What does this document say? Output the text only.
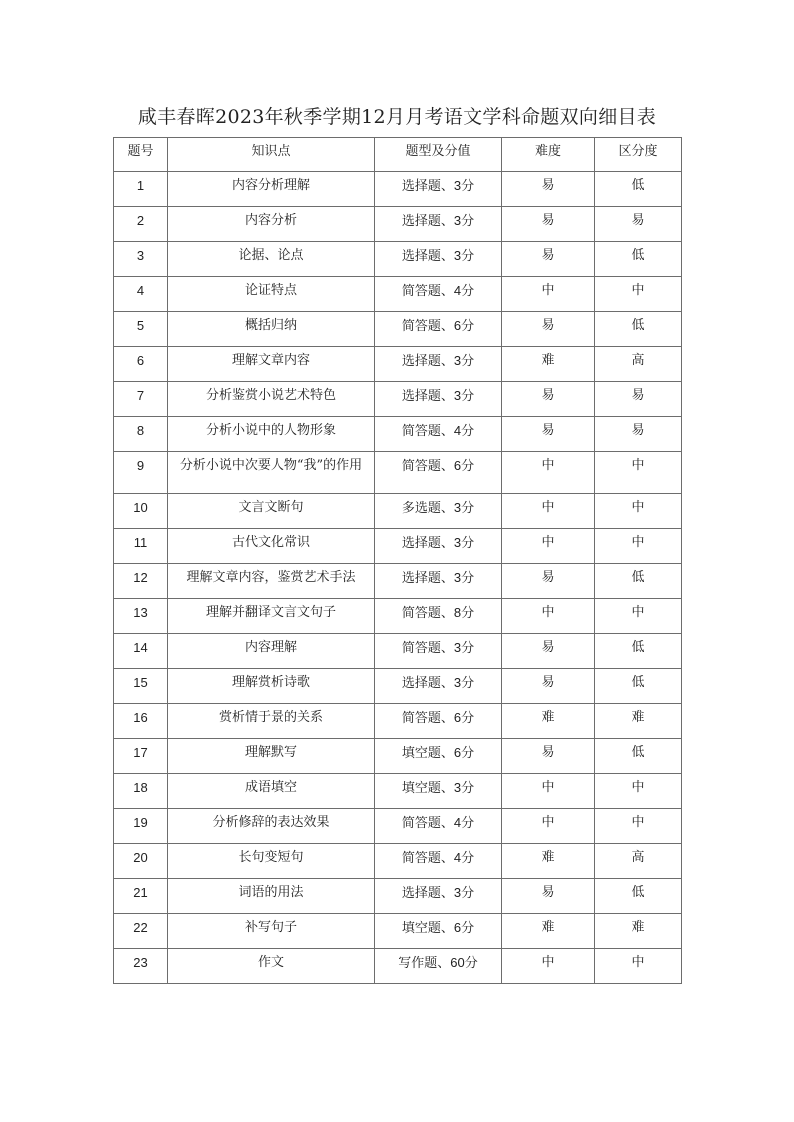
咸丰春晖2023年秋季学期12月月考语文学科命题双向细目表
题号	知识点	题型及分值	难度	区分度
1	内容分析理解	选择题、3分	易	低
2	内容分析	选择题、3分	易	易
3	论据、论点	选择题、3分	易	低
4	论证特点	简答题、4分	中	中
5	概括归纳	简答题、6分	易	低
6	理解文章内容	选择题、3分	难	高
7	分析鉴赏小说艺术特色	选择题、3分	易	易
8	分析小说中的人物形象	简答题、4分	易	易
9	分析小说中次要人物“我”的作用	简答题、6分	中	中
10	文言文断句	多选题、3分	中	中
11	古代文化常识	选择题、3分	中	中
12	理解文章内容，鉴赏艺术手法	选择题、3分	易	低
13	理解并翻译文言文句子	简答题、8分	中	中
14	内容理解	简答题、3分	易	低
15	理解赏析诗歌	选择题、3分	易	低
16	赏析情于景的关系	简答题、6分	难	难
17	理解默写	填空题、6分	易	低
18	成语填空	填空题、3分	中	中
19	分析修辞的表达效果	简答题、4分	中	中
20	长句变短句	简答题、4分	难	高
21	词语的用法	选择题、3分	易	低
22	补写句子	填空题、6分	难	难
23	作文	写作题、60分	中	中
